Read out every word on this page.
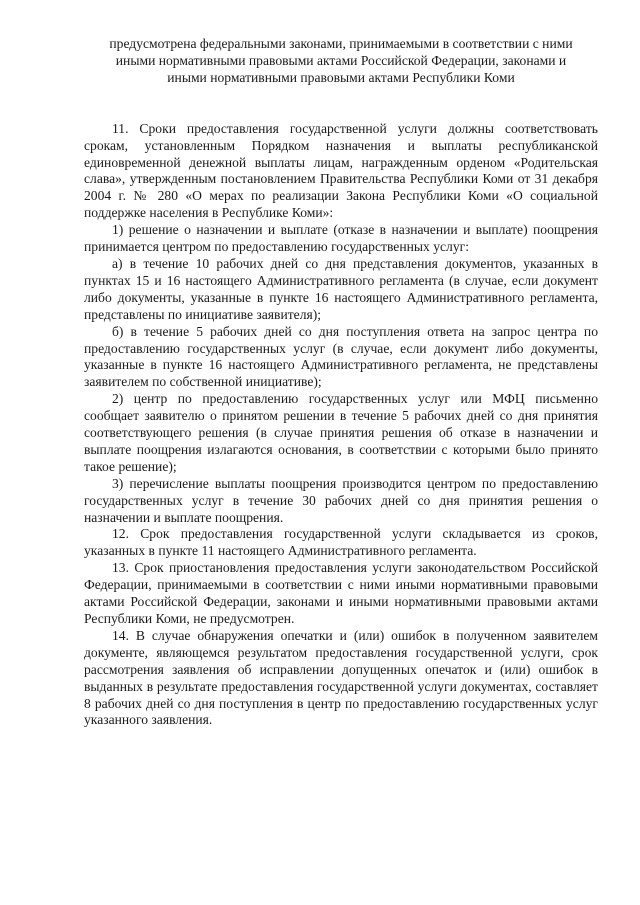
предусмотрена федеральными законами, принимаемыми в соответствии с ними

иными нормативными правовыми актами Российской Федерации, законами и

иными нормативными правовыми актами Республики Коми

11. Сроки предоставления государственной услуги должны соответствовать срокам, установленным Порядком назначения и выплаты республиканской единовременной денежной выплаты лицам, награжденным орденом «Родительская слава», утвержденным постановлением Правительства Республики Коми от 31 декабря 2004 г. № 280 «О мерах по реализации Закона Республики Коми «О социальной поддержке населения в Республике Коми»:

1) решение о назначении и выплате (отказе в назначении и выплате) поощрения принимается центром по предоставлению государственных услуг:

а) в течение 10 рабочих дней со дня представления документов, указанных в пунктах 15 и 16 настоящего Административного регламента (в случае, если документ либо документы, указанные в пункте 16 настоящего Административного регламента, представлены по инициативе заявителя);

б) в течение 5 рабочих дней со дня поступления ответа на запрос центра по предоставлению государственных услуг (в случае, если документ либо документы, указанные в пункте 16 настоящего Административного регламента, не представлены заявителем по собственной инициативе);

2) центр по предоставлению государственных услуг или МФЦ письменно сообщает заявителю о принятом решении в течение 5 рабочих дней со дня принятия соответствующего решения (в случае принятия решения об отказе в назначении и выплате поощрения излагаются основания, в соответствии с которыми было принято такое решение);

3) перечисление выплаты поощрения производится центром по предоставлению государственных услуг в течение 30 рабочих дней со дня принятия решения о назначении и выплате поощрения.

12. Срок предоставления государственной услуги складывается из сроков, указанных в пункте 11 настоящего Административного регламента.

13. Срок приостановления предоставления услуги законодательством Российской Федерации, принимаемыми в соответствии с ними иными нормативными правовыми актами Российской Федерации, законами и иными нормативными правовыми актами Республики Коми, не предусмотрен.

14. В случае обнаружения опечатки и (или) ошибок в полученном заявителем документе, являющемся результатом предоставления государственной услуги, срок рассмотрения заявления об исправлении допущенных опечаток и (или) ошибок в выданных в результате предоставления государственной услуги документах, составляет 8 рабочих дней со дня поступления в центр по предоставлению государственных услуг указанного заявления.
